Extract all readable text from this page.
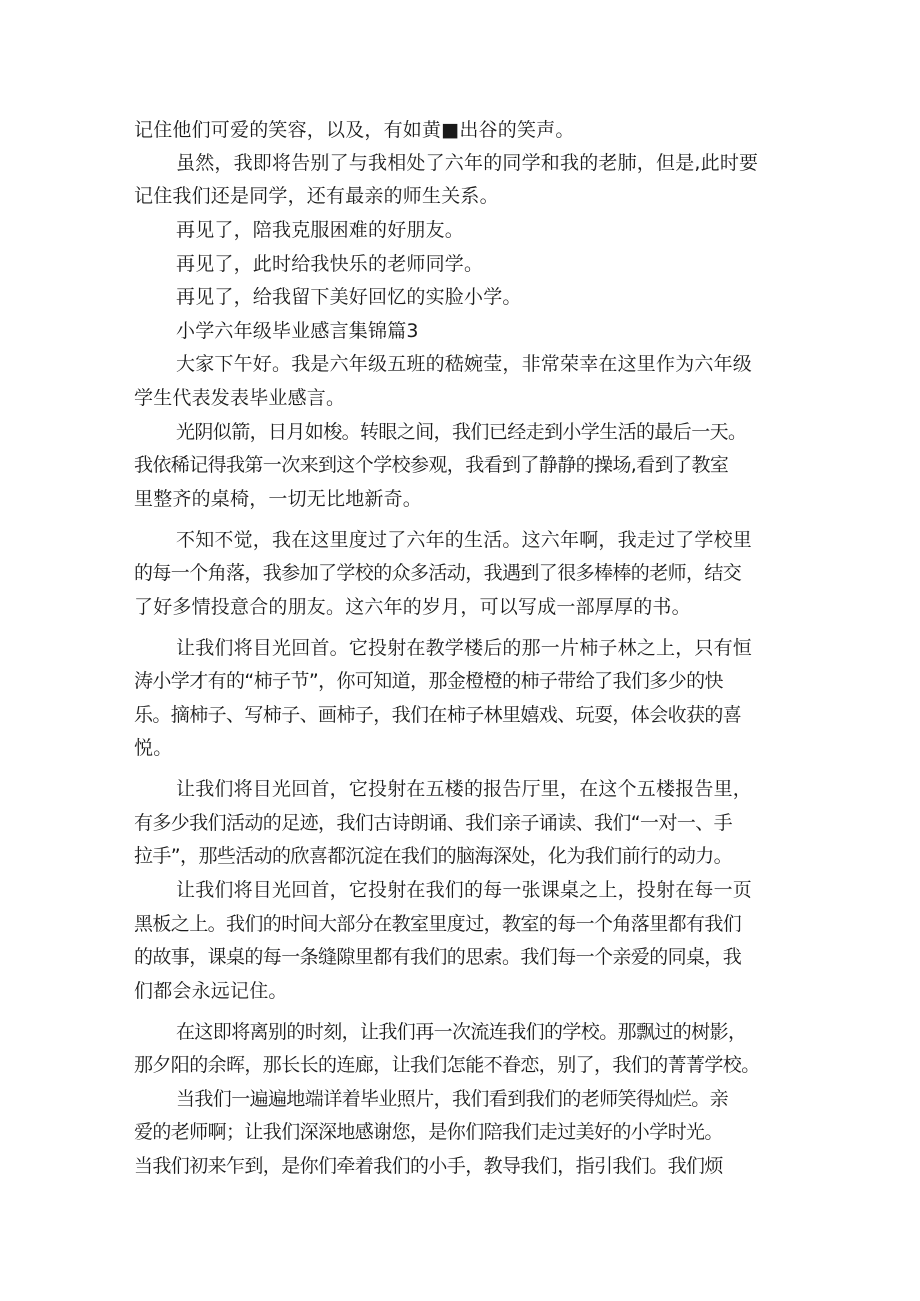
记住他们可爱的笑容，以及，有如黄■出谷的笑声。
虽然，我即将告别了与我相处了六年的同学和我的老肺，但是,此时要
记住我们还是同学，还有最亲的师生关系。
再见了，陪我克服困难的好朋友。
再见了，此时给我快乐的老师同学。
再见了，给我留下美好回忆的实脸小学。
小学六年级毕业感言集锦篇3
大家下午好。我是六年级五班的嵇婉莹，非常荣幸在这里作为六年级
学生代表发表毕业感言。
光阴似箭，日月如梭。转眼之间，我们已经走到小学生活的最后一天。
我依稀记得我第一次来到这个学校参观，我看到了静静的操场,看到了教室
里整齐的桌椅，一切无比地新奇。
不知不觉，我在这里度过了六年的生活。这六年啊，我走过了学校里
的每一个角落，我参加了学校的众多活动，我遇到了很多棒棒的老师，结交
了好多情投意合的朋友。这六年的岁月，可以写成一部厚厚的书。
让我们将目光回首。它投射在教学楼后的那一片柿子林之上，只有恒
涛小学才有的“柿子节”，你可知道，那金橙橙的柿子带给了我们多少的快
乐。摘柿子、写柿子、画柿子，我们在柿子林里嬉戏、玩耍，体会收获的喜
悦。
让我们将目光回首，它投射在五楼的报告厅里，在这个五楼报告里，
有多少我们活动的足迹，我们古诗朗诵、我们亲子诵读、我们“一对一、手
拉手”，那些活动的欣喜都沉淀在我们的脑海深处，化为我们前行的动力。
让我们将目光回首，它投射在我们的每一张课桌之上，投射在每一页
黑板之上。我们的时间大部分在教室里度过，教室的每一个角落里都有我们
的故事，课桌的每一条缝隙里都有我们的思索。我们每一个亲爱的同桌，我
们都会永远记住。
在这即将离别的时刻，让我们再一次流连我们的学校。那飘过的树影，
那夕阳的余晖，那长长的连廊，让我们怎能不眷恋，别了，我们的菁菁学校。
当我们一遍遍地端详着毕业照片，我们看到我们的老师笑得灿烂。亲
爱的老师啊；让我们深深地感谢您，是你们陪我们走过美好的小学时光。
当我们初来乍到，是你们牵着我们的小手，教导我们，指引我们。我们烦
